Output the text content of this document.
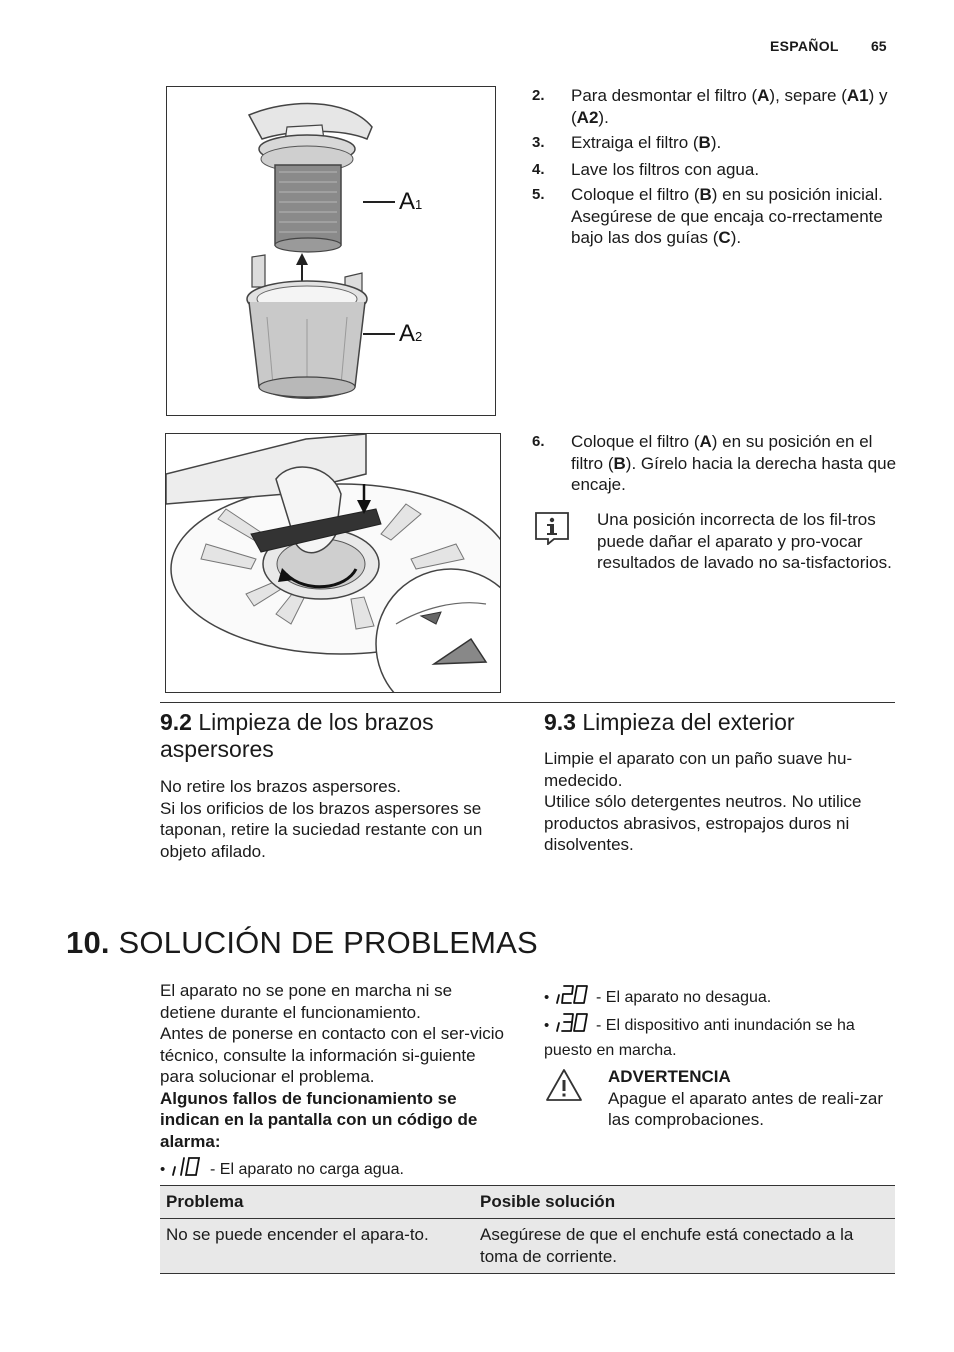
ESPAÑOL 65
A1
A2
2. Para desmontar el filtro (A), separe (A1) y (A2).
3. Extraiga el filtro (B).
4. Lave los filtros con agua.
5. Coloque el filtro (B) en su posición inicial. Asegúrese de que encaja co-rrectamente bajo las dos guías (C).
6. Coloque el filtro (A) en su posición en el filtro (B). Gírelo hacia la derecha hasta que encaje.
Una posición incorrecta de los fil-tros puede dañar el aparato y pro-vocar resultados de lavado no sa-tisfactorios.
9.2 Limpieza de los brazos
aspersores
No retire los brazos aspersores.
Si los orificios de los brazos aspersores se taponan, retire la suciedad restante con un objeto afilado.
9.3 Limpieza del exterior
Limpie el aparato con un paño suave hu-medecido.
Utilice sólo detergentes neutros. No utilice productos abrasivos, estropajos duros ni disolventes.
10. SOLUCIÓN DE PROBLEMAS
El aparato no se pone en marcha ni se detiene durante el funcionamiento.
Antes de ponerse en contacto con el ser-vicio técnico, consulte la información si-guiente para solucionar el problema.
Algunos fallos de funcionamiento se indican en la pantalla con un código de alarma:
•	- El aparato no carga agua.
•	- El aparato no desagua.
•	- El dispositivo anti inundación se ha puesto en marcha.
ADVERTENCIA
Apague el aparato antes de reali-zar las comprobaciones.
Problema	Posible solución
No se puede encender el apara-to.	Asegúrese de que el enchufe está conectado a la toma de corriente.
